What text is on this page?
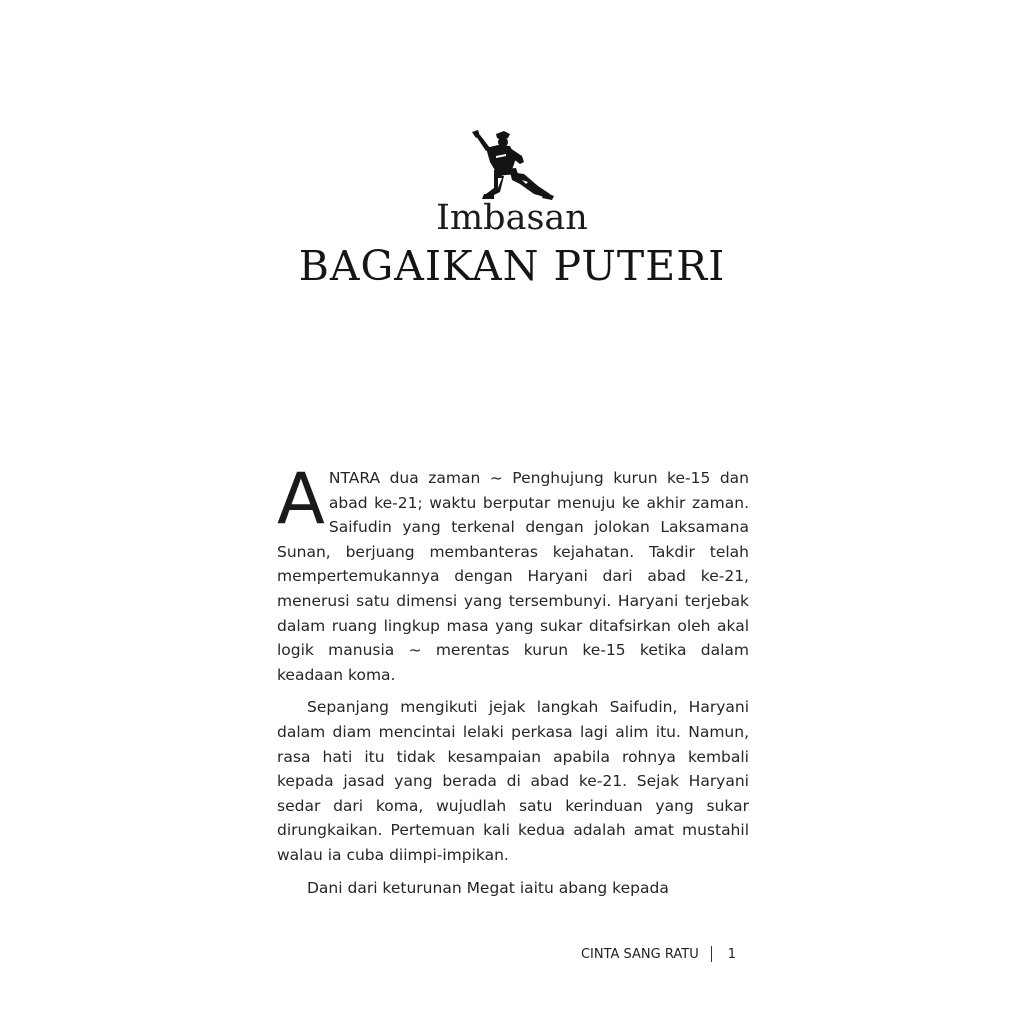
Imbasan
BAGAIKAN PUTERI

ANTARA dua zaman ~ Penghujung kurun ke-15 dan abad ke-21; waktu berputar menuju ke akhir zaman. Saifudin yang terkenal dengan jolokan Laksamana Sunan, berjuang membanteras kejahatan. Takdir telah mempertemukannya dengan Haryani dari abad ke-21, menerusi satu dimensi yang tersembunyi. Haryani terjebak dalam ruang lingkup masa yang sukar ditafsirkan oleh akal logik manusia ~ merentas kurun ke-15 ketika dalam keadaan koma.

Sepanjang mengikuti jejak langkah Saifudin, Haryani dalam diam mencintai lelaki perkasa lagi alim itu. Namun, rasa hati itu tidak kesampaian apabila rohnya kembali kepada jasad yang berada di abad ke-21. Sejak Haryani sedar dari koma, wujudlah satu kerinduan yang sukar dirungkaikan. Pertemuan kali kedua adalah amat mustahil walau ia cuba diimpi-impikan.

Dani dari keturunan Megat iaitu abang kepada

CINTA SANG RATU 1
